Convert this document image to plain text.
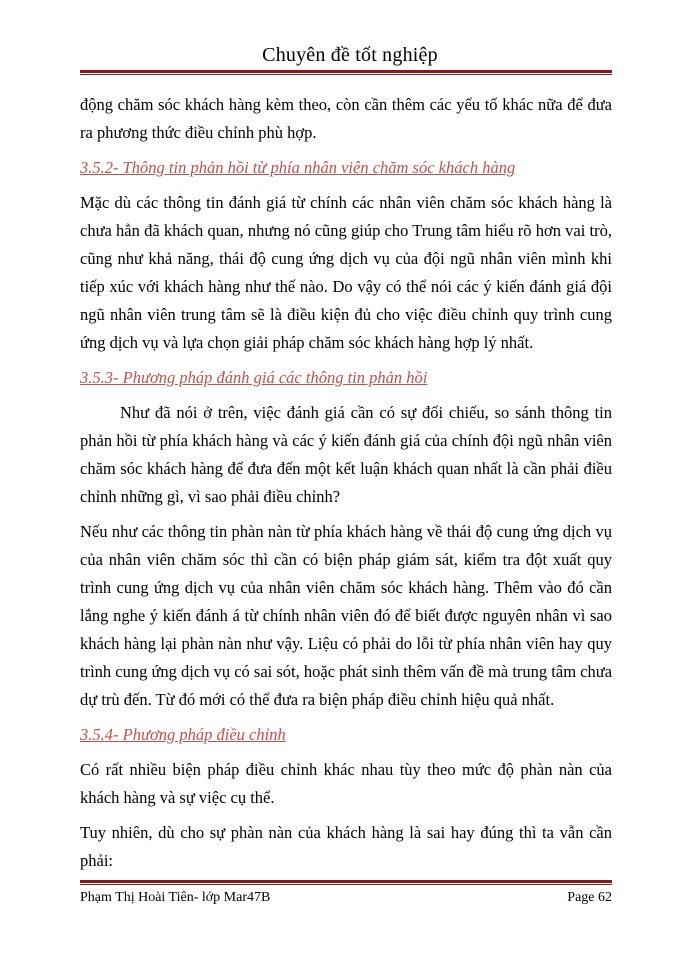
Chuyên đề tốt nghiệp

động chăm sóc khách hàng kèm theo, còn cần thêm các yếu tố khác nữa để đưa ra phương thức điều chỉnh phù hợp.

3.5.2- Thông tin phản hồi từ phía nhân viên chăm sóc khách hàng

Mặc dù các thông tin đánh giá từ chính các nhân viên chăm sóc khách hàng là chưa hẳn đã khách quan, nhưng nó cũng giúp cho Trung tâm hiểu rõ hơn vai trò, cũng như khả năng, thái độ cung ứng dịch vụ của đội ngũ nhân viên mình khi tiếp xúc với khách hàng như thế nào. Do vậy có thể nói các ý kiến đánh giá đội ngũ nhân viên trung tâm sẽ là điều kiện đủ cho việc điều chỉnh quy trình cung ứng dịch vụ và lựa chọn giải pháp chăm sóc khách hàng hợp lý nhất.

3.5.3- Phương pháp đánh giá các thông tin phản hồi

Như đã nói ở trên, việc đánh giá cần có sự đối chiếu, so sánh thông tin phản hồi từ phía khách hàng và các ý kiến đánh giá của chính đội ngũ nhân viên chăm sóc khách hàng để đưa đến một kết luận khách quan nhất là cần phải điều chỉnh những gì, vì sao phải điều chỉnh?

Nếu như các thông tin phàn nàn từ phía khách hàng về thái độ cung ứng dịch vụ của nhân viên chăm sóc thì cần có biện pháp giám sát, kiểm tra đột xuất quy trình cung ứng dịch vụ của nhân viên chăm sóc khách hàng. Thêm vào đó cần lắng nghe ý kiến đánh á từ chính nhân viên đó để biết được nguyên nhân vì sao khách hàng lại phàn nàn như vậy. Liệu có phải do lỗi từ phía nhân viên hay quy trình cung ứng dịch vụ có sai sót, hoặc phát sinh thêm vấn đề mà trung tâm chưa dự trù đến. Từ đó mới có thể đưa ra biện pháp điều chỉnh hiệu quả nhất.

3.5.4- Phương pháp điều chỉnh

Có rất nhiều biện pháp điều chỉnh khác nhau tùy theo mức độ phàn nàn của khách hàng và sự việc cụ thể.

Tuy nhiên, dù cho sự phàn nàn của khách hàng là sai hay đúng thì ta vẫn cần phải:

Phạm Thị Hoài Tiên- lớp Mar47B	Page 62
